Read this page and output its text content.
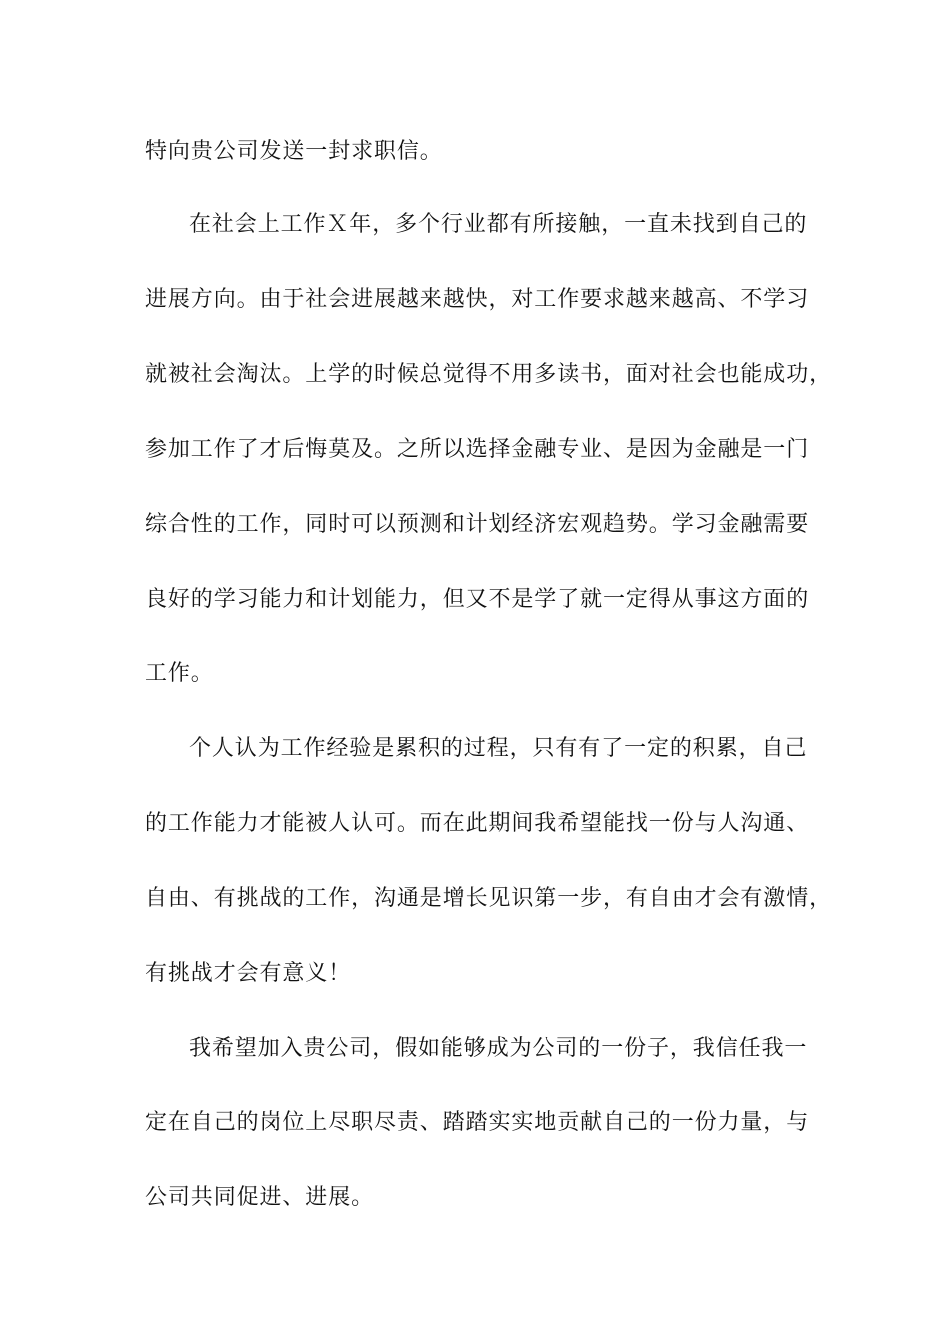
特向贵公司发送一封求职信。
在社会上工作Ｘ年，多个行业都有所接触，一直未找到自己的
进展方向。由于社会进展越来越快，对工作要求越来越高、不学习
就被社会淘汰。上学的时候总觉得不用多读书，面对社会也能成功，
参加工作了才后悔莫及。之所以选择金融专业、是因为金融是一门
综合性的工作，同时可以预测和计划经济宏观趋势。学习金融需要
良好的学习能力和计划能力，但又不是学了就一定得从事这方面的
工作。
个人认为工作经验是累积的过程，只有有了一定的积累，自己
的工作能力才能被人认可。而在此期间我希望能找一份与人沟通、
自由、有挑战的工作，沟通是增长见识第一步，有自由才会有激情，
有挑战才会有意义！
我希望加入贵公司，假如能够成为公司的一份子，我信任我一
定在自己的岗位上尽职尽责、踏踏实实地贡献自己的一份力量，与
公司共同促进、进展。
